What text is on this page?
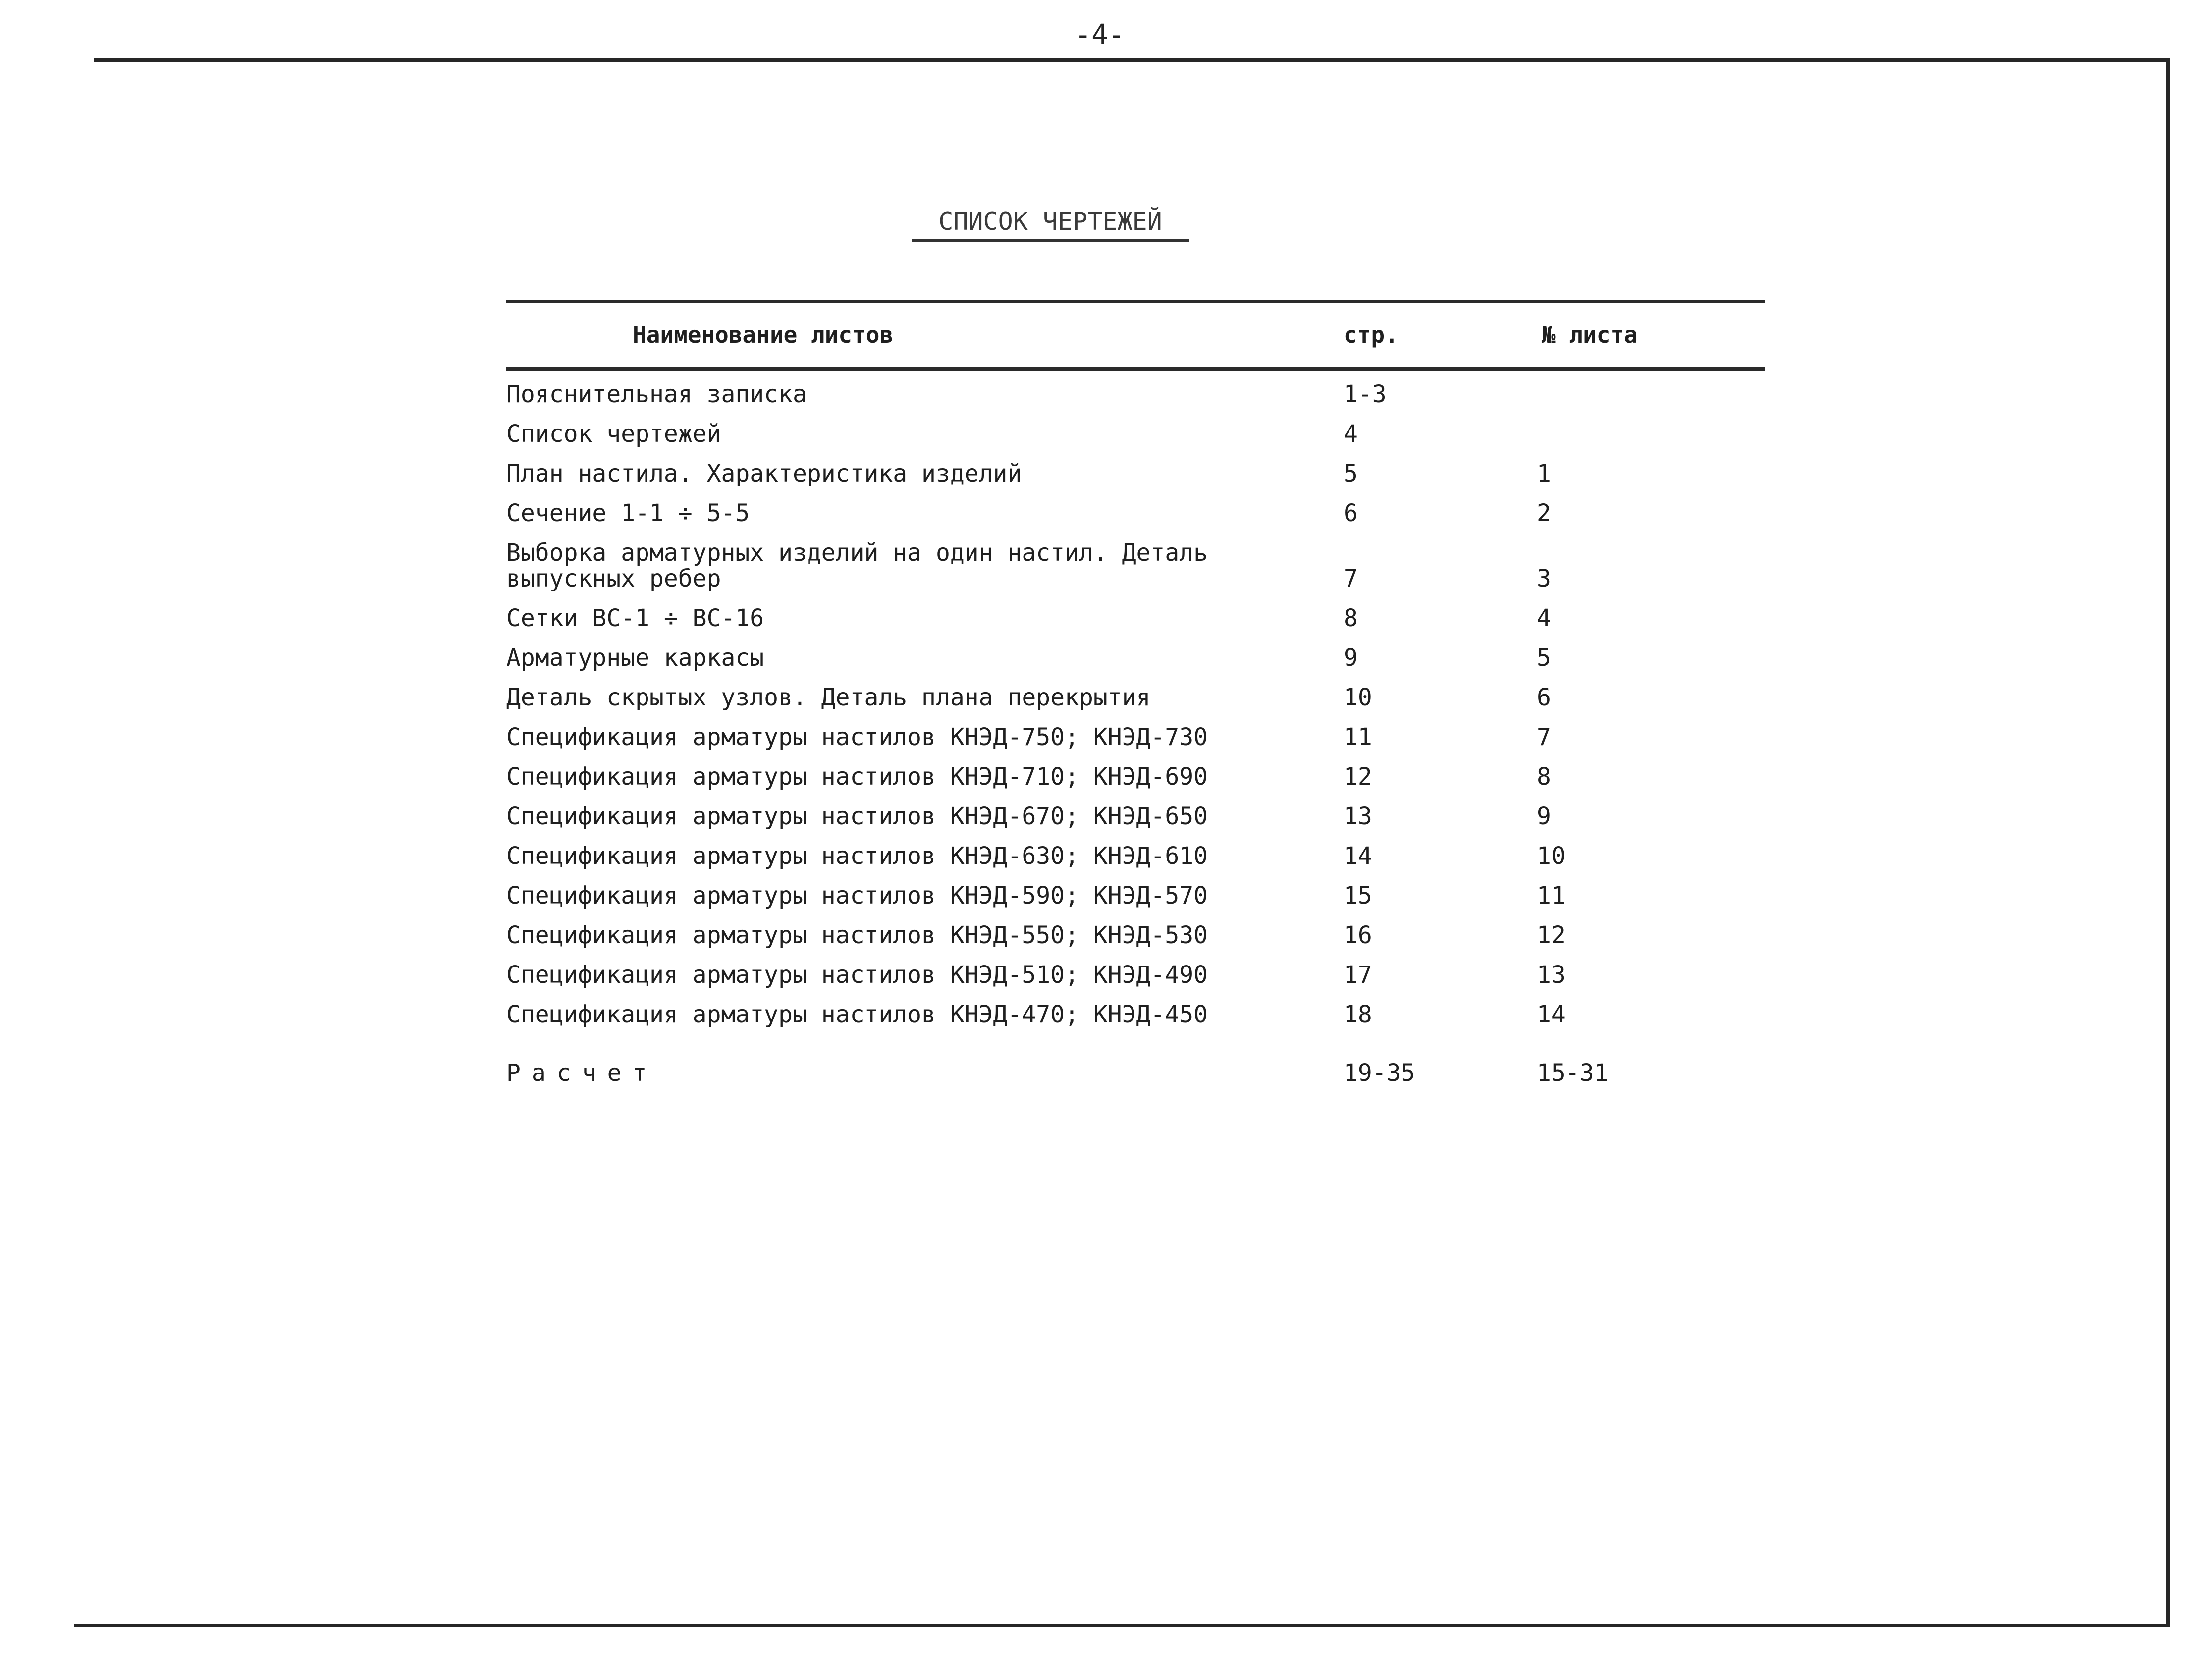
-4-
СПИСОК ЧЕРТЕЖЕЙ
Наименование листов	стр.	№ листа
Пояснительная записка	1-3
Список чертежей	4
План настила. Характеристика изделий	5	1
Сечение 1-1 ÷ 5-5	6	2
Выборка арматурных изделий на один настил. Деталь выпускных ребер	7	3
Сетки ВС-1 ÷ ВС-16	8	4
Арматурные каркасы	9	5
Деталь скрытых узлов. Деталь плана перекрытия	10	6
Спецификация арматуры настилов КНЭД-750; КНЭД-730	11	7
Спецификация арматуры настилов КНЭД-710; КНЭД-690	12	8
Спецификация арматуры настилов КНЭД-670; КНЭД-650	13	9
Спецификация арматуры настилов КНЭД-630; КНЭД-610	14	10
Спецификация арматуры настилов КНЭД-590; КНЭД-570	15	11
Спецификация арматуры настилов КНЭД-550; КНЭД-530	16	12
Спецификация арматуры настилов КНЭД-510; КНЭД-490	17	13
Спецификация арматуры настилов КНЭД-470; КНЭД-450	18	14
Расчет	19-35	15-31
